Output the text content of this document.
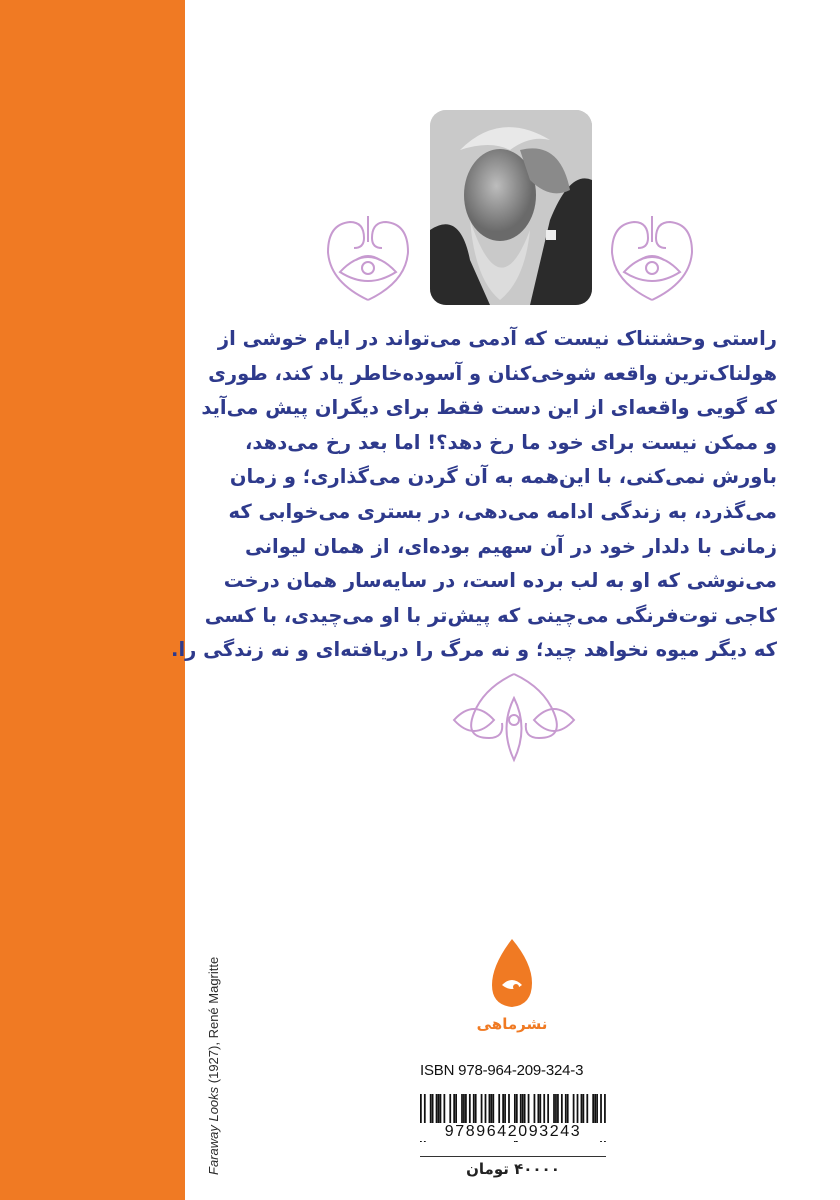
Faraway Looks (1927), René Magritte
راستی وحشتناک نیست که آدمی می‌تواند در ایام خوشی از
هولناک‌ترین واقعه شوخی‌کنان و آسوده‌خاطر یاد کند، طوری
که گویی واقعه‌ای از این دست فقط برای دیگران پیش می‌آید
و ممکن نیست برای خود ما رخ دهد؟! اما بعد رخ می‌دهد،
باورش نمی‌کنی، با این‌همه به آن گردن می‌گذاری؛ و زمان
می‌گذرد، به زندگی ادامه می‌دهی، در بستری می‌خوابی که
زمانی با دلدار خود در آن سهیم بوده‌ای، از همان لیوانی
می‌نوشی که او به لب برده است، در سایه‌سار همان درخت
کاجی توت‌فرنگی می‌چینی که پیش‌تر با او می‌چیدی، با کسی
که دیگر میوه نخواهد چید؛ و نه مرگ را دریافته‌ای و نه زندگی را.
نشرماهی
ISBN 978-964-209-324-3
9789642093243
۴۰۰۰۰ تومان
